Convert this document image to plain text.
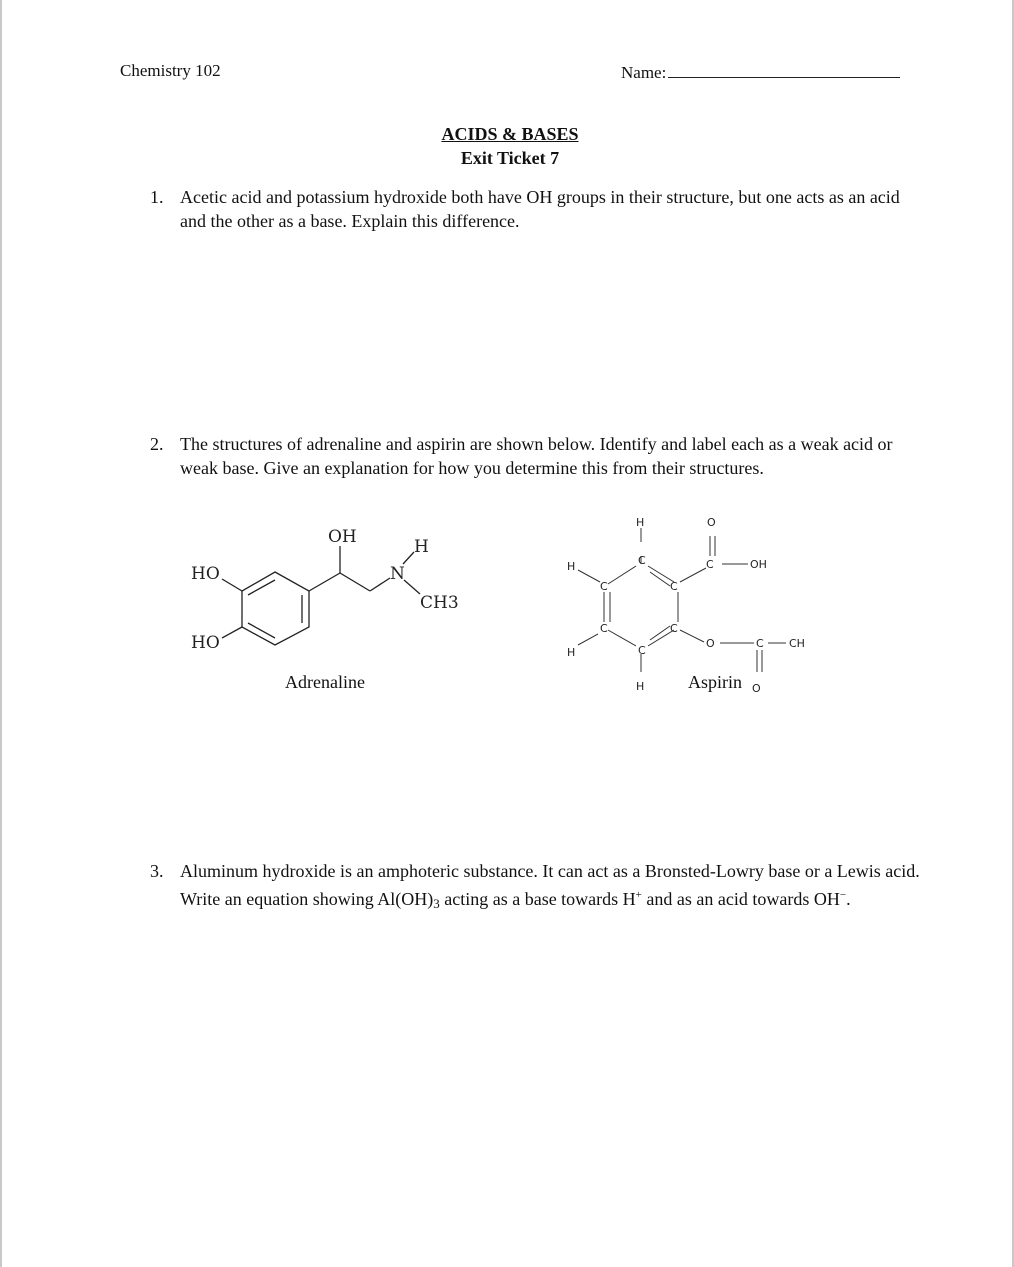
Chemistry 102	Name:
ACIDS & BASES
Exit Ticket 7
1. Acetic acid and potassium hydroxide both have OH groups in their structure, but one acts as an acid and the other as a base. Explain this difference.
2. The structures of adrenaline and aspirin are shown below. Identify and label each as a weak acid or weak base. Give an explanation for how you determine this from their structures.
OH	H
N
CH3
HO
HO
Adrenaline
H	O
H	C
C	C
C	OH
C	C
C
H
O	C CH
H	O
Aspirin
3. Aluminum hydroxide is an amphoteric substance. It can act as a Bronsted-Lowry base or a Lewis acid. Write an equation showing $Al(OH)_3$ acting as a base towards H+ and as an acid towards OH−.
